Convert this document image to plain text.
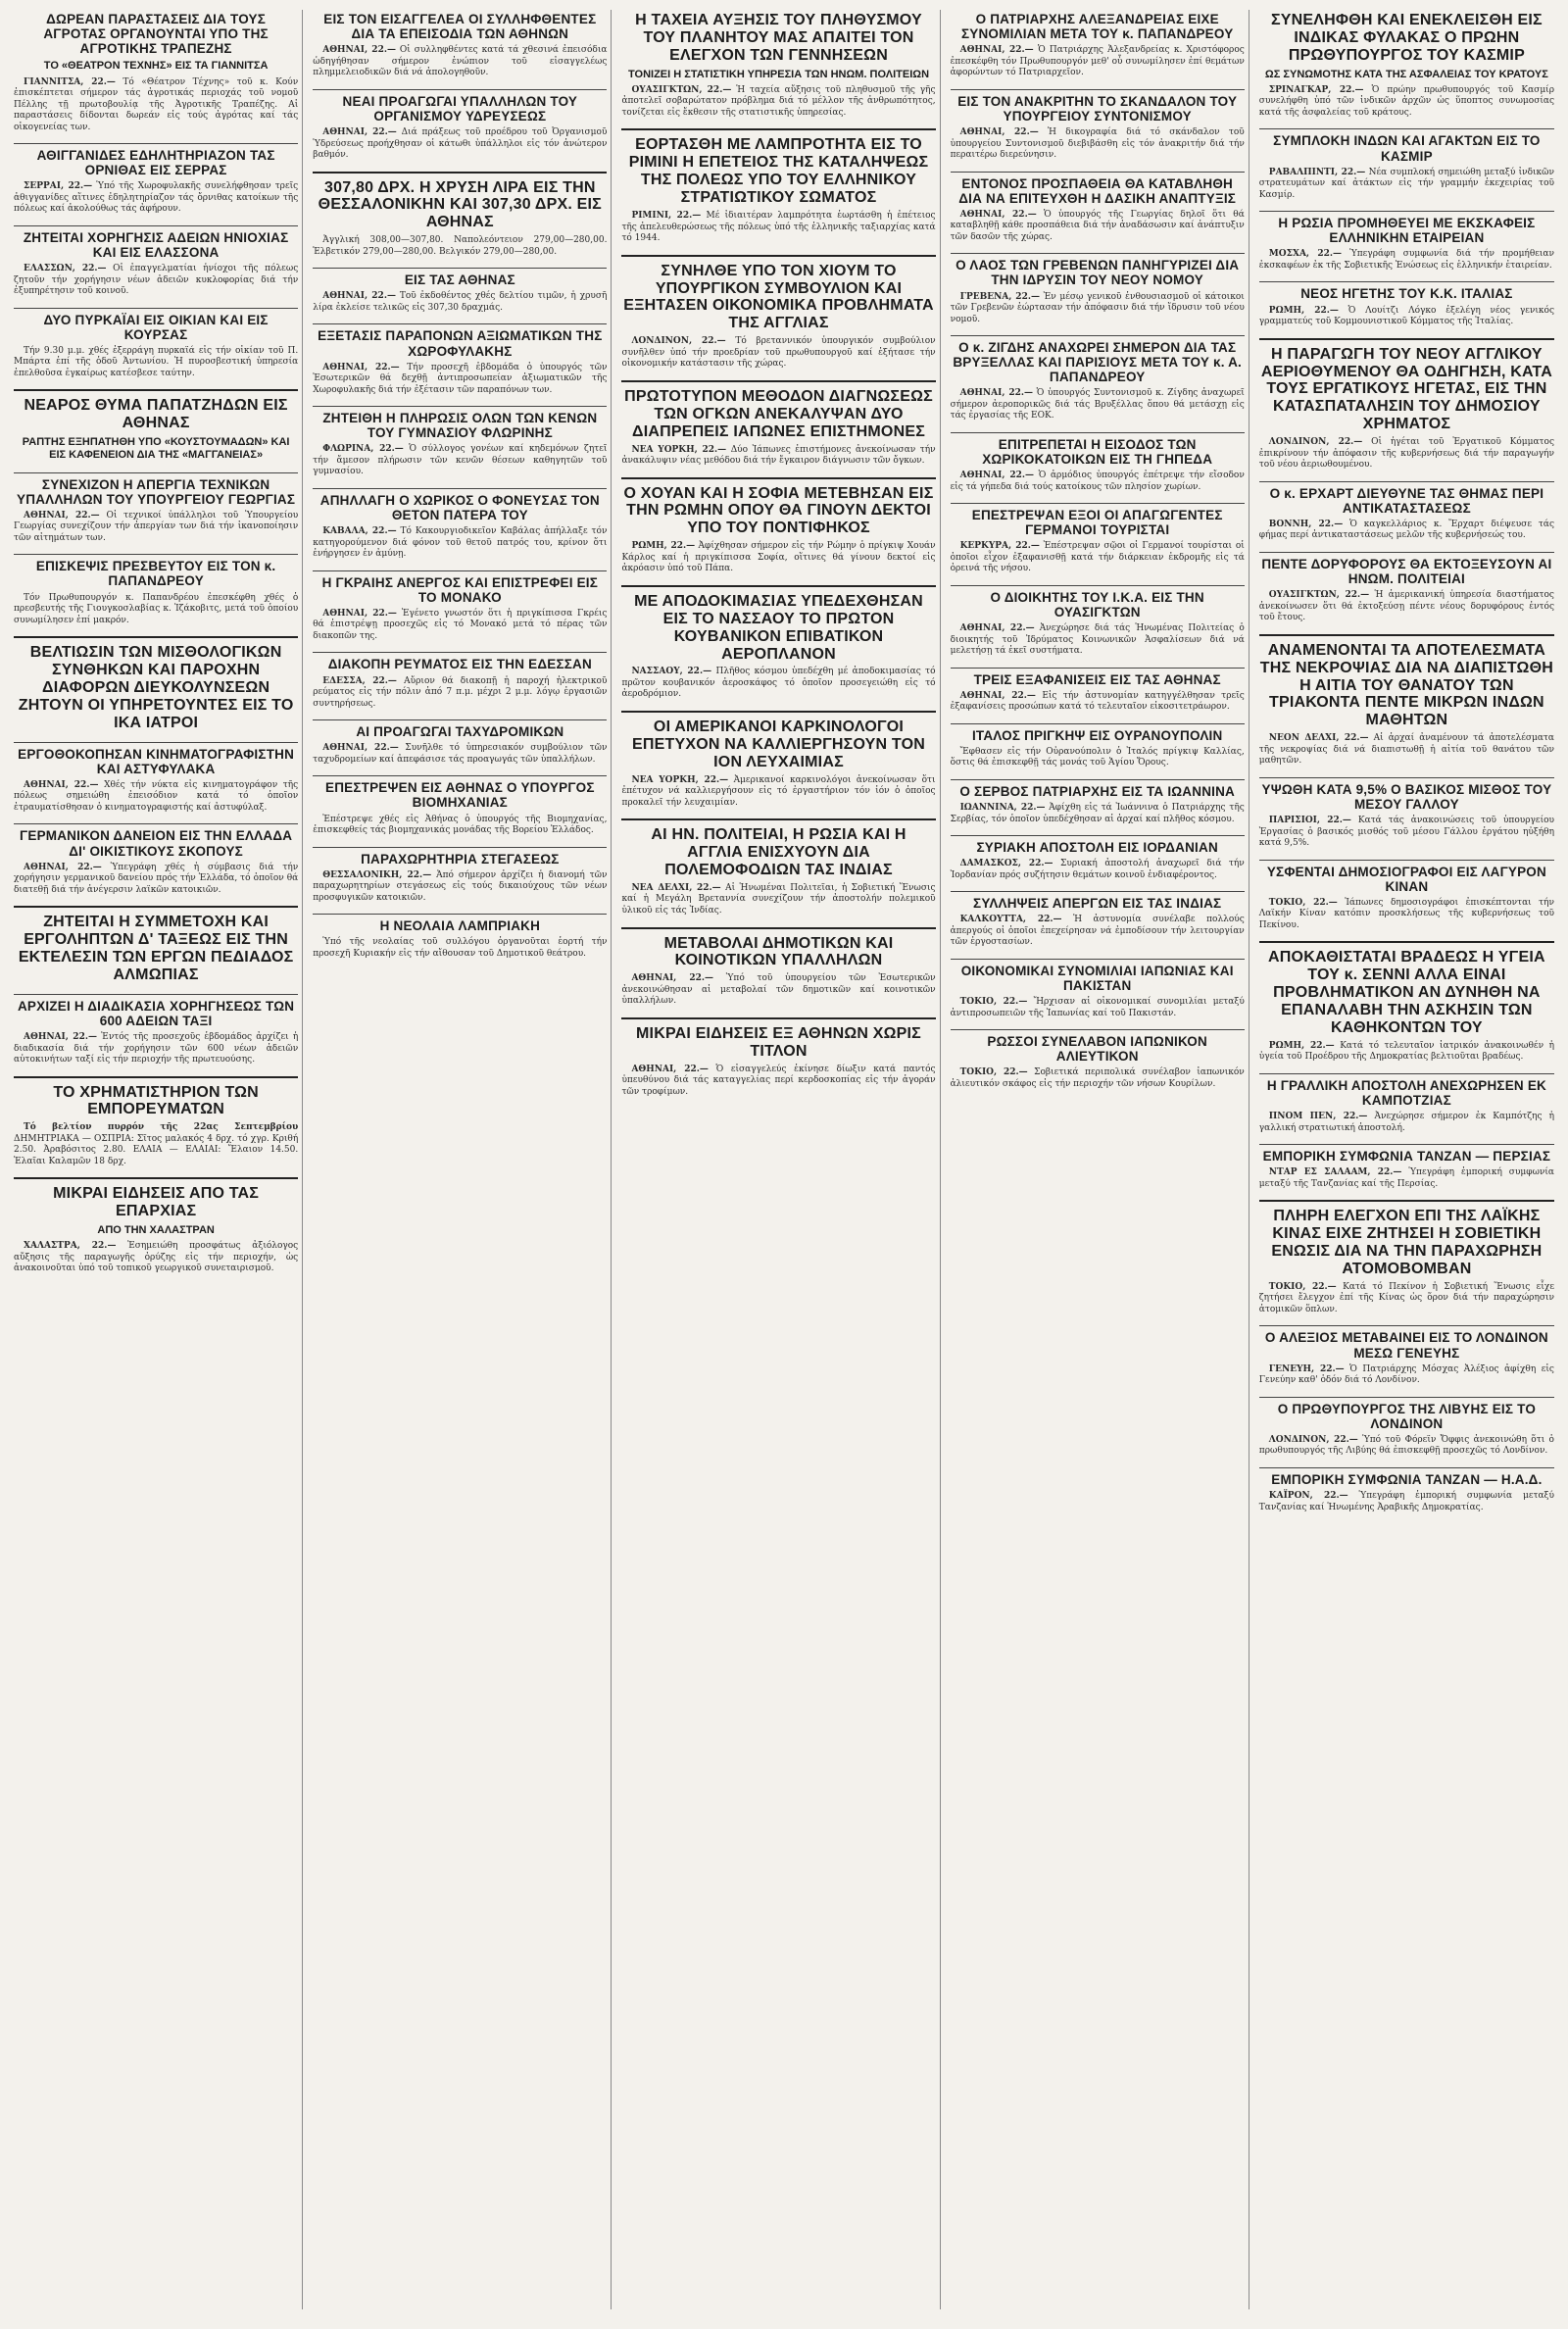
ΔΩΡΕΑΝ ΠΑΡΑΣΤΑΣΕΙΣ ΔΙΑ ΤΟΥΣ ΑΓΡΟΤΑΣ ΟΡΓΑΝΟΥΝΤΑΙ ΥΠΟ ΤΗΣ ΑΓΡΟΤΙΚΗΣ ΤΡΑΠΕΖΗΣ
ΤΟ «ΘΕΑΤΡΟΝ ΤΕΧΝΗΣ» ΕΙΣ ΤΑ ΓΙΑΝΝΙΤΣΑ

ΓΙΑΝΝΙΤΣΑ, 22.— Τό «Θέατρον Τέχνης» τοῦ κ. Κούν ἐπισκέπτεται σήμερον τάς ἀγροτικάς περιοχάς τοῦ νομοῦ Πέλλης τῇ πρωτοβουλίᾳ τῆς Ἀγροτικῆς Τραπέζης. Αἱ παραστάσεις δίδονται δωρεάν εἰς τούς ἀγρότας καί τάς οἰκογενείας των.

ΑΘΙΓΓΑΝΙΔΕΣ ΕΔΗΛΗΤΗΡΙΑΖΟΝ ΤΑΣ ΟΡΝΙΘΑΣ ΕΙΣ ΣΕΡΡΑΣ

ΣΕΡΡΑΙ, 22.— Ὑπό τῆς Χωροφυλακῆς συνελήφθησαν τρεῖς ἀθιγγανίδες αἵτινες ἐδηλητηρίαζον τάς ὄρνιθας κατοίκων τῆς πόλεως καί ἀκολούθως τάς ἀφήρουν.

ΖΗΤΕΙΤΑΙ ΧΟΡΗΓΗΣΙΣ ΑΔΕΙΩΝ ΗΝΙΟΧΙΑΣ ΚΑΙ ΕΙΣ ΕΛΑΣΣΟΝΑ

ΕΛΑΣΣΩΝ, 22.— Οἱ ἐπαγγελματίαι ἡνίοχοι τῆς πόλεως ζητοῦν τήν χορήγησιν νέων ἀδειῶν κυκλοφορίας διά τήν ἐξυπηρέτησιν τοῦ κοινοῦ.

ΔΥΟ ΠΥΡΚΑΪΑΙ ΕΙΣ ΟΙΚΙΑΝ ΚΑΙ ΕΙΣ ΚΟΥΡΣΑΣ

Τήν 9.30 μ.μ. χθές ἐξερράγη πυρκαϊά εἰς τήν οἰκίαν τοῦ Π. Μπάρτα ἐπί τῆς ὁδοῦ Ἀντωνίου. Ἡ πυροσβεστική ὑπηρεσία ἐπελθοῦσα ἐγκαίρως κατέσβεσε ταύτην.

ΝΕΑΡΟΣ ΘΥΜΑ ΠΑΠΑΤΖΗΔΩΝ ΕΙΣ ΑΘΗΝΑΣ
ΡΑΠΤΗΣ ΕΞΗΠΑΤΗΘΗ ΥΠΟ «ΚΟΥΣΤΟΥΜΑΔΩΝ» ΚΑΙ ΕΙΣ ΚΑΦΕΝΕΙΟΝ ΔΙΑ ΤΗΣ «ΜΑΓΓΑΝΕΙΑΣ»
ΣΥΝΕΧΙΖΟΝ Η ΑΠΕΡΓΙΑ ΤΕΧΝΙΚΩΝ ΥΠΑΛΛΗΛΩΝ ΤΟΥ ΥΠΟΥΡΓΕΙΟΥ ΓΕΩΡΓΙΑΣ

ΑΘΗΝΑΙ, 22.— Οἱ τεχνικοί ὑπάλληλοι τοῦ Ὑπουργείου Γεωργίας συνεχίζουν τήν ἀπεργίαν των διά τήν ἱκανοποίησιν τῶν αἰτημάτων των.

ΕΠΙΣΚΕΨΙΣ ΠΡΕΣΒΕΥΤΟΥ ΕΙΣ ΤΟΝ κ. ΠΑΠΑΝΔΡΕΟΥ

Τόν Πρωθυπουργόν κ. Παπανδρέου ἐπεσκέφθη χθές ὁ πρεσβευτής τῆς Γιουγκοσλαβίας κ. Ἰζάκοβιτς, μετά τοῦ ὁποίου συνωμίλησεν ἐπί μακρόν.

ΒΕΛΤΙΩΣΙΝ ΤΩΝ ΜΙΣΘΟΛΟΓΙΚΩΝ ΣΥΝΘΗΚΩΝ ΚΑΙ ΠΑΡΟΧΗΝ ΔΙΑΦΟΡΩΝ ΔΙΕΥΚΟΛΥΝΣΕΩΝ ΖΗΤΟΥΝ ΟΙ ΥΠΗΡΕΤΟΥΝΤΕΣ ΕΙΣ ΤΟ ΙΚΑ ΙΑΤΡΟΙ
ΕΡΓΟΘΟΚΟΠΗΣΑΝ ΚΙΝΗΜΑΤΟΓΡΑΦΙΣΤΗΝ ΚΑΙ ΑΣΤΥΦΥΛΑΚΑ

ΑΘΗΝΑΙ, 22.— Χθές τήν νύκτα εἰς κινηματογράφον τῆς πόλεως σημειώθη ἐπεισόδιον κατά τό ὁποῖον ἐτραυματίσθησαν ὁ κινηματογραφιστής καί ἀστυφύλαξ.

ΓΕΡΜΑΝΙΚΟΝ ΔΑΝΕΙΟΝ ΕΙΣ ΤΗΝ ΕΛΛΑΔΑ ΔΙ' ΟΙΚΙΣΤΙΚΟΥΣ ΣΚΟΠΟΥΣ

ΑΘΗΝΑΙ, 22.— Ὑπεγράφη χθές ἡ σύμβασις διά τήν χορήγησιν γερμανικοῦ δανείου πρός τήν Ἑλλάδα, τό ὁποῖον θά διατεθῇ διά τήν ἀνέγερσιν λαϊκῶν κατοικιῶν.

ΖΗΤΕΙΤΑΙ Η ΣΥΜΜΕΤΟΧΗ ΚΑΙ ΕΡΓΟΛΗΠΤΩΝ Δ' ΤΑΞΕΩΣ ΕΙΣ ΤΗΝ ΕΚΤΕΛΕΣΙΝ ΤΩΝ ΕΡΓΩΝ ΠΕΔΙΑΔΟΣ ΑΛΜΩΠΙΑΣ
ΑΡΧΙΖΕΙ Η ΔΙΑΔΙΚΑΣΙΑ ΧΟΡΗΓΗΣΕΩΣ ΤΩΝ 600 ΑΔΕΙΩΝ ΤΑΞΙ

ΑΘΗΝΑΙ, 22.— Ἐντός τῆς προσεχοῦς ἑβδομάδος ἀρχίζει ἡ διαδικασία διά τήν χορήγησιν τῶν 600 νέων ἀδειῶν αὐτοκινήτων ταξί εἰς τήν περιοχήν τῆς πρωτευούσης.

ΤΟ ΧΡΗΜΑΤΙΣΤΗΡΙΟΝ ΤΩΝ ΕΜΠΟΡΕΥΜΑΤΩΝ

Τό βελτίον πυρρόν τῆς 22ας Σεπτεμβρίου ΔΗΜΗΤΡΙΑΚΑ — ΟΣΠΡΙΑ: Σῖτος μαλακός 4 δρχ. τό χγρ. Κριθή 2.50. Ἀραβόσιτος 2.80. ΕΛΑΙΑ — ΕΛΑΙΑΙ: Ἔλαιον 14.50. Ἐλαῖαι Καλαμῶν 18 δρχ.

ΜΙΚΡΑΙ ΕΙΔΗΣΕΙΣ ΑΠΟ ΤΑΣ ΕΠΑΡΧΙΑΣ
ΑΠΟ ΤΗΝ ΧΑΛΑΣΤΡΑΝ

ΧΑΛΑΣΤΡΑ, 22.— Ἐσημειώθη προσφάτως ἀξιόλογος αὔξησις τῆς παραγωγῆς ὀρύζης εἰς τήν περιοχήν, ὡς ἀνακοινοῦται ὑπό τοῦ τοπικοῦ γεωργικοῦ συνεταιρισμοῦ.

ΕΙΣ ΤΟΝ ΕΙΣΑΓΓΕΛΕΑ ΟΙ ΣΥΛΛΗΦΘΕΝΤΕΣ ΔΙΑ ΤΑ ΕΠΕΙΣΟΔΙΑ ΤΩΝ ΑΘΗΝΩΝ

ΑΘΗΝΑΙ, 22.— Οἱ συλληφθέντες κατά τά χθεσινά ἐπεισόδια ὡδηγήθησαν σήμερον ἐνώπιον τοῦ εἰσαγγελέως πλημμελειοδικῶν διά νά ἀπολογηθοῦν.

ΝΕΑΙ ΠΡΟΑΓΩΓΑΙ ΥΠΑΛΛΗΛΩΝ ΤΟΥ ΟΡΓΑΝΙΣΜΟΥ ΥΔΡΕΥΣΕΩΣ

ΑΘΗΝΑΙ, 22.— Διά πράξεως τοῦ προέδρου τοῦ Ὀργανισμοῦ Ὑδρεύσεως προήχθησαν οἱ κάτωθι ὑπάλληλοι εἰς τόν ἀνώτερον βαθμόν.

307,80 ΔΡΧ. Η ΧΡΥΣΗ ΛΙΡΑ ΕΙΣ ΤΗΝ ΘΕΣΣΑΛΟΝΙΚΗΝ ΚΑΙ 307,30 ΔΡΧ. ΕΙΣ ΑΘΗΝΑΣ

Ἀγγλική 308,00—307,80. Ναπολεόντειον 279,00—280,00. Ἑλβετικόν 279,00—280,00. Βελγικόν 279,00—280,00.

ΕΙΣ ΤΑΣ ΑΘΗΝΑΣ

ΑΘΗΝΑΙ, 22.— Τοῦ ἐκδοθέντος χθές δελτίου τιμῶν, ἡ χρυσῆ λίρα ἐκλείσε τελικῶς εἰς 307,30 δραχμάς.

ΕΞΕΤΑΣΙΣ ΠΑΡΑΠΟΝΩΝ ΑΞΙΩΜΑΤΙΚΩΝ ΤΗΣ ΧΩΡΟΦΥΛΑΚΗΣ

ΑΘΗΝΑΙ, 22.— Τήν προσεχῆ ἑβδομάδα ὁ ὑπουργός τῶν Ἐσωτερικῶν θά δεχθῇ ἀντιπροσωπείαν ἀξιωματικῶν τῆς Χωροφυλακῆς διά τήν ἐξέτασιν τῶν παραπόνων των.

ΖΗΤΕΙΘΗ Η ΠΛΗΡΩΣΙΣ ΟΛΩΝ ΤΩΝ ΚΕΝΩΝ ΤΟΥ ΓΥΜΝΑΣΙΟΥ ΦΛΩΡΙΝΗΣ

ΦΛΩΡΙΝΑ, 22.— Ὁ σύλλογος γονέων καί κηδεμόνων ζητεῖ τήν ἄμεσον πλήρωσιν τῶν κενῶν θέσεων καθηγητῶν τοῦ γυμνασίου.

ΑΠΗΛΛΑΓΗ Ο ΧΩΡΙΚΟΣ Ο ΦΟΝΕΥΣΑΣ ΤΟΝ ΘΕΤΟΝ ΠΑΤΕΡΑ ΤΟΥ

ΚΑΒΑΛΑ, 22.— Τό Κακουργιοδικεῖον Καβάλας ἀπήλλαξε τόν κατηγορούμενον διά φόνον τοῦ θετοῦ πατρός του, κρίνον ὅτι ἐνήργησεν ἐν ἀμύνῃ.

Η ΓΚΡΑΙΗΣ ΑΝΕΡΓΟΣ ΚΑΙ ΕΠΙΣΤΡΕΦΕΙ ΕΙΣ ΤΟ ΜΟΝΑΚΟ

ΑΘΗΝΑΙ, 22.— Ἐγένετο γνωστόν ὅτι ἡ πριγκίπισσα Γκρέις θά ἐπιστρέψῃ προσεχῶς εἰς τό Μονακό μετά τό πέρας τῶν διακοπῶν της.

ΔΙΑΚΟΠΗ ΡΕΥΜΑΤΟΣ ΕΙΣ ΤΗΝ ΕΔΕΣΣΑΝ

ΕΔΕΣΣΑ, 22.— Αὔριον θά διακοπῇ ἡ παροχή ἠλεκτρικοῦ ρεύματος εἰς τήν πόλιν ἀπό 7 π.μ. μέχρι 2 μ.μ. λόγῳ ἐργασιῶν συντηρήσεως.

ΑΙ ΠΡΟΑΓΩΓΑΙ ΤΑΧΥΔΡΟΜΙΚΩΝ

ΑΘΗΝΑΙ, 22.— Συνῆλθε τό ὑπηρεσιακόν συμβούλιον τῶν ταχυδρομείων καί ἀπεφάσισε τάς προαγωγάς τῶν ὑπαλλήλων.

ΕΠΕΣΤΡΕΨΕΝ ΕΙΣ ΑΘΗΝΑΣ Ο ΥΠΟΥΡΓΟΣ ΒΙΟΜΗΧΑΝΙΑΣ

Ἐπέστρεψε χθές εἰς Ἀθήνας ὁ ὑπουργός τῆς Βιομηχανίας, ἐπισκεφθείς τάς βιομηχανικάς μονάδας τῆς Βορείου Ἑλλάδος.

ΠΑΡΑΧΩΡΗΤΗΡΙΑ ΣΤΕΓΑΣΕΩΣ

ΘΕΣΣΑΛΟΝΙΚΗ, 22.— Ἀπό σήμερον ἀρχίζει ἡ διανομή τῶν παραχωρητηρίων στεγάσεως εἰς τούς δικαιούχους τῶν νέων προσφυγικῶν κατοικιῶν.

Η ΝΕΟΛΑΙΑ ΛΑΜΠΡΙΑΚΗ

Ὑπό τῆς νεολαίας τοῦ συλλόγου ὀργανοῦται ἑορτή τήν προσεχῆ Κυριακήν εἰς τήν αἴθουσαν τοῦ Δημοτικοῦ θεάτρου.

Η ΤΑΧΕΙΑ ΑΥΞΗΣΙΣ ΤΟΥ ΠΛΗΘΥΣΜΟΥ ΤΟΥ ΠΛΑΝΗΤΟΥ ΜΑΣ ΑΠΑΙΤΕΙ ΤΟΝ ΕΛΕΓΧΟΝ ΤΩΝ ΓΕΝΝΗΣΕΩΝ
ΤΟΝΙΖΕΙ Η ΣΤΑΤΙΣΤΙΚΗ ΥΠΗΡΕΣΙΑ ΤΩΝ ΗΝΩΜ. ΠΟΛΙΤΕΙΩΝ

ΟΥΑΣΙΓΚΤΩΝ, 22.— Ἡ ταχεία αὔξησις τοῦ πληθυσμοῦ τῆς γῆς ἀποτελεῖ σοβαρώτατον πρόβλημα διά τό μέλλον τῆς ἀνθρωπότητος, τονίζεται εἰς ἔκθεσιν τῆς στατιστικῆς ὑπηρεσίας.

ΕΟΡΤΑΣΘΗ ΜΕ ΛΑΜΠΡΟΤΗΤΑ ΕΙΣ ΤΟ ΡΙΜΙΝΙ Η ΕΠΕΤΕΙΟΣ ΤΗΣ ΚΑΤΑΛΗΨΕΩΣ ΤΗΣ ΠΟΛΕΩΣ ΥΠΟ ΤΟΥ ΕΛΛΗΝΙΚΟΥ ΣΤΡΑΤΙΩΤΙΚΟΥ ΣΩΜΑΤΟΣ

ΡΙΜΙΝΙ, 22.— Μέ ἰδιαιτέραν λαμπρότητα ἑωρτάσθη ἡ ἐπέτειος τῆς ἀπελευθερώσεως τῆς πόλεως ὑπό τῆς ἑλληνικῆς ταξιαρχίας κατά τό 1944.

ΣΥΝΗΛΘΕ ΥΠΟ ΤΟΝ ΧΙΟΥΜ ΤΟ ΥΠΟΥΡΓΙΚΟΝ ΣΥΜΒΟΥΛΙΟΝ ΚΑΙ ΕΞΗΤΑΣΕΝ ΟΙΚΟΝΟΜΙΚΑ ΠΡΟΒΛΗΜΑΤΑ ΤΗΣ ΑΓΓΛΙΑΣ

ΛΟΝΔΙΝΟΝ, 22.— Τό βρεταννικόν ὑπουργικόν συμβούλιον συνῆλθεν ὑπό τήν προεδρίαν τοῦ πρωθυπουργοῦ καί ἐξήτασε τήν οἰκονομικήν κατάστασιν τῆς χώρας.

ΠΡΩΤΟΤΥΠΟΝ ΜΕΘΟΔΟΝ ΔΙΑΓΝΩΣΕΩΣ ΤΩΝ ΟΓΚΩΝ ΑΝΕΚΑΛΥΨΑΝ ΔΥΟ ΔΙΑΠΡΕΠΕΙΣ ΙΑΠΩΝΕΣ ΕΠΙΣΤΗΜΟΝΕΣ

ΝΕΑ ΥΟΡΚΗ, 22.— Δύο Ἰάπωνες ἐπιστήμονες ἀνεκοίνωσαν τήν ἀνακάλυψιν νέας μεθόδου διά τήν ἔγκαιρον διάγνωσιν τῶν ὄγκων.

Ο ΧΟΥΑΝ ΚΑΙ Η ΣΟΦΙΑ ΜΕΤΕΒΗΣΑΝ ΕΙΣ ΤΗΝ ΡΩΜΗΝ ΟΠΟΥ ΘΑ ΓΙΝΟΥΝ ΔΕΚΤΟΙ ΥΠΟ ΤΟΥ ΠΟΝΤΙΦΗΚΟΣ

ΡΩΜΗ, 22.— Ἀφίχθησαν σήμερον εἰς τήν Ρώμην ὁ πρίγκιψ Χουάν Κάρλος καί ἡ πριγκίπισσα Σοφία, οἵτινες θά γίνουν δεκτοί εἰς ἀκρόασιν ὑπό τοῦ Πάπα.

ΜΕ ΑΠΟΔΟΚΙΜΑΣΙΑΣ ΥΠΕΔΕΧΘΗΣΑΝ ΕΙΣ ΤΟ ΝΑΣΣΑΟΥ ΤΟ ΠΡΩΤΟΝ ΚΟΥΒΑΝΙΚΟΝ ΕΠΙΒΑΤΙΚΟΝ ΑΕΡΟΠΛΑΝΟΝ

ΝΑΣΣΑΟΥ, 22.— Πλῆθος κόσμου ὑπεδέχθη μέ ἀποδοκιμασίας τό πρῶτον κουβανικόν ἀεροσκάφος τό ὁποῖον προσεγειώθη εἰς τό ἀεροδρόμιον.

ΟΙ ΑΜΕΡΙΚΑΝΟΙ ΚΑΡΚΙΝΟΛΟΓΟΙ ΕΠΕΤΥΧΟΝ ΝΑ ΚΑΛΛΙΕΡΓΗΣΟΥΝ ΤΟΝ ΙΟΝ ΛΕΥΧΑΙΜΙΑΣ

ΝΕΑ ΥΟΡΚΗ, 22.— Ἀμερικανοί καρκινολόγοι ἀνεκοίνωσαν ὅτι ἐπέτυχον νά καλλιεργήσουν εἰς τό ἐργαστήριον τόν ἰόν ὁ ὁποῖος προκαλεῖ τήν λευχαιμίαν.

ΑΙ ΗΝ. ΠΟΛΙΤΕΙΑΙ, Η ΡΩΣΙΑ ΚΑΙ Η ΑΓΓΛΙΑ ΕΝΙΣΧΥΟΥΝ ΔΙΑ ΠΟΛΕΜΟΦΟΔΙΩΝ ΤΑΣ ΙΝΔΙΑΣ

ΝΕΑ ΔΕΛΧΙ, 22.— Αἱ Ἡνωμέναι Πολιτεῖαι, ἡ Σοβιετική Ἕνωσις καί ἡ Μεγάλη Βρεταννία συνεχίζουν τήν ἀποστολήν πολεμικοῦ ὑλικοῦ εἰς τάς Ἰνδίας.

ΜΕΤΑΒΟΛΑΙ ΔΗΜΟΤΙΚΩΝ ΚΑΙ ΚΟΙΝΟΤΙΚΩΝ ΥΠΑΛΛΗΛΩΝ

ΑΘΗΝΑΙ, 22.— Ὑπό τοῦ ὑπουργείου τῶν Ἐσωτερικῶν ἀνεκοινώθησαν αἱ μεταβολαί τῶν δημοτικῶν καί κοινοτικῶν ὑπαλλήλων.

ΜΙΚΡΑΙ ΕΙΔΗΣΕΙΣ ΕΞ ΑΘΗΝΩΝ ΧΩΡΙΣ ΤΙΤΛΟΝ

ΑΘΗΝΑΙ, 22.— Ὁ εἰσαγγελεύς ἐκίνησε δίωξιν κατά παντός ὑπευθύνου διά τάς καταγγελίας περί κερδοσκοπίας εἰς τήν ἀγοράν τῶν τροφίμων.

Ο ΠΑΤΡΙΑΡΧΗΣ ΑΛΕΞΑΝΔΡΕΙΑΣ ΕΙΧΕ ΣΥΝΟΜΙΛΙΑΝ ΜΕΤΑ ΤΟΥ κ. ΠΑΠΑΝΔΡΕΟΥ

ΑΘΗΝΑΙ, 22.— Ὁ Πατριάρχης Ἀλεξανδρείας κ. Χριστόφορος ἐπεσκέφθη τόν Πρωθυπουργόν μεθ' οὗ συνωμίλησεν ἐπί θεμάτων ἀφορώντων τό Πατριαρχεῖον.

ΕΙΣ ΤΟΝ ΑΝΑΚΡΙΤΗΝ ΤΟ ΣΚΑΝΔΑΛΟΝ ΤΟΥ ΥΠΟΥΡΓΕΙΟΥ ΣΥΝΤΟΝΙΣΜΟΥ

ΑΘΗΝΑΙ, 22.— Ἡ δικογραφία διά τό σκάνδαλον τοῦ ὑπουργείου Συντονισμοῦ διεβιβάσθη εἰς τόν ἀνακριτήν διά τήν περαιτέρω διερεύνησιν.

ΕΝΤΟΝΟΣ ΠΡΟΣΠΑΘΕΙΑ ΘΑ ΚΑΤΑΒΛΗΘΗ ΔΙΑ ΝΑ ΕΠΙΤΕΥΧΘΗ Η ΔΑΣΙΚΗ ΑΝΑΠΤΥΞΙΣ

ΑΘΗΝΑΙ, 22.— Ὁ ὑπουργός τῆς Γεωργίας δηλοῖ ὅτι θά καταβληθῇ κάθε προσπάθεια διά τήν ἀναδάσωσιν καί ἀνάπτυξιν τῶν δασῶν τῆς χώρας.

Ο ΛΑΟΣ ΤΩΝ ΓΡΕΒΕΝΩΝ ΠΑΝΗΓΥΡΙΖΕΙ ΔΙΑ ΤΗΝ ΙΔΡΥΣΙΝ ΤΟΥ ΝΕΟΥ ΝΟΜΟΥ

ΓΡΕΒΕΝΑ, 22.— Ἐν μέσῳ γενικοῦ ἐνθουσιασμοῦ οἱ κάτοικοι τῶν Γρεβενῶν ἑώρτασαν τήν ἀπόφασιν διά τήν ἵδρυσιν τοῦ νέου νομοῦ.

Ο κ. ΖΙΓΔΗΣ ΑΝΑΧΩΡΕΙ ΣΗΜΕΡΟΝ ΔΙΑ ΤΑΣ ΒΡΥΞΕΛΛΑΣ ΚΑΙ ΠΑΡΙΣΙΟΥΣ ΜΕΤΑ ΤΟΥ κ. Α. ΠΑΠΑΝΔΡΕΟΥ

ΑΘΗΝΑΙ, 22.— Ὁ ὑπουργός Συντονισμοῦ κ. Ζίγδης ἀναχωρεῖ σήμερον ἀεροπορικῶς διά τάς Βρυξέλλας ὅπου θά μετάσχῃ εἰς τάς ἐργασίας τῆς ΕΟΚ.

ΕΠΙΤΡΕΠΕΤΑΙ Η ΕΙΣΟΔΟΣ ΤΩΝ ΧΩΡΙΚΟΚΑΤΟΙΚΩΝ ΕΙΣ ΤΗ ΓΗΠΕΔΑ

ΑΘΗΝΑΙ, 22.— Ὁ ἀρμόδιος ὑπουργός ἐπέτρεψε τήν εἴσοδον εἰς τά γήπεδα διά τούς κατοίκους τῶν πλησίον χωρίων.

ΕΠΕΣΤΡΕΨΑΝ ΕΞΟΙ ΟΙ ΑΠΑΓΩΓΕΝΤΕΣ ΓΕΡΜΑΝΟΙ ΤΟΥΡΙΣΤΑΙ

ΚΕΡΚΥΡΑ, 22.— Ἐπέστρεψαν σῷοι οἱ Γερμανοί τουρίσται οἱ ὁποῖοι εἶχον ἐξαφανισθῇ κατά τήν διάρκειαν ἐκδρομῆς εἰς τά ὀρεινά τῆς νήσου.

Ο ΔΙΟΙΚΗΤΗΣ ΤΟΥ Ι.Κ.Α. ΕΙΣ ΤΗΝ ΟΥΑΣΙΓΚΤΩΝ

ΑΘΗΝΑΙ, 22.— Ἀνεχώρησε διά τάς Ἡνωμένας Πολιτείας ὁ διοικητής τοῦ Ἱδρύματος Κοινωνικῶν Ἀσφαλίσεων διά νά μελετήσῃ τά ἐκεῖ συστήματα.

ΤΡΕΙΣ ΕΞΑΦΑΝΙΣΕΙΣ ΕΙΣ ΤΑΣ ΑΘΗΝΑΣ

ΑΘΗΝΑΙ, 22.— Εἰς τήν ἀστυνομίαν κατηγγέλθησαν τρεῖς ἐξαφανίσεις προσώπων κατά τό τελευταῖον εἰκοσιτετράωρον.

ΙΤΑΛΟΣ ΠΡΙΓΚΗΨ ΕΙΣ ΟΥΡΑΝΟΥΠΟΛΙΝ

Ἔφθασεν εἰς τήν Οὐρανούπολιν ὁ Ἰταλός πρίγκιψ Καλλίας, ὅστις θά ἐπισκεφθῇ τάς μονάς τοῦ Ἁγίου Ὄρους.

Ο ΣΕΡΒΟΣ ΠΑΤΡΙΑΡΧΗΣ ΕΙΣ ΤΑ ΙΩΑΝΝΙΝΑ

ΙΩΑΝΝΙΝΑ, 22.— Ἀφίχθη εἰς τά Ἰωάννινα ὁ Πατριάρχης τῆς Σερβίας, τόν ὁποῖον ὑπεδέχθησαν αἱ ἀρχαί καί πλῆθος κόσμου.

ΣΥΡΙΑΚΗ ΑΠΟΣΤΟΛΗ ΕΙΣ ΙΟΡΔΑΝΙΑΝ

ΔΑΜΑΣΚΟΣ, 22.— Συριακή ἀποστολή ἀναχωρεῖ διά τήν Ἰορδανίαν πρός συζήτησιν θεμάτων κοινοῦ ἐνδιαφέροντος.

ΣΥΛΛΗΨΕΙΣ ΑΠΕΡΓΩΝ ΕΙΣ ΤΑΣ ΙΝΔΙΑΣ

ΚΑΛΚΟΥΤΤΑ, 22.— Ἡ ἀστυνομία συνέλαβε πολλούς ἀπεργούς οἱ ὁποῖοι ἐπεχείρησαν νά ἐμποδίσουν τήν λειτουργίαν τῶν ἐργοστασίων.

ΟΙΚΟΝΟΜΙΚΑΙ ΣΥΝΟΜΙΛΙΑΙ ΙΑΠΩΝΙΑΣ ΚΑΙ ΠΑΚΙΣΤΑΝ

ΤΟΚΙΟ, 22.— Ἤρχισαν αἱ οἰκονομικαί συνομιλίαι μεταξύ ἀντιπροσωπειῶν τῆς Ἰαπωνίας καί τοῦ Πακιστάν.

ΡΩΣΣΟΙ ΣΥΝΕΛΑΒΟΝ ΙΑΠΩΝΙΚΟΝ ΑΛΙΕΥΤΙΚΟΝ

ΤΟΚΙΟ, 22.— Σοβιετικά περιπολικά συνέλαβον ἰαπωνικόν ἁλιευτικόν σκάφος εἰς τήν περιοχήν τῶν νήσων Κουρίλων.

ΣΥΝΕΛΗΦΘΗ ΚΑΙ ΕΝΕΚΛΕΙΣΘΗ ΕΙΣ ΙΝΔΙΚΑΣ ΦΥΛΑΚΑΣ Ο ΠΡΩΗΝ ΠΡΩΘΥΠΟΥΡΓΟΣ ΤΟΥ ΚΑΣΜΙΡ
ΩΣ ΣΥΝΩΜΟΤΗΣ ΚΑΤΑ ΤΗΣ ΑΣΦΑΛΕΙΑΣ ΤΟΥ ΚΡΑΤΟΥΣ

ΣΡΙΝΑΓΚΑΡ, 22.— Ὁ πρώην πρωθυπουργός τοῦ Κασμίρ συνελήφθη ὑπό τῶν ἰνδικῶν ἀρχῶν ὡς ὕποπτος συνωμοσίας κατά τῆς ἀσφαλείας τοῦ κράτους.

ΣΥΜΠΛΟΚΗ ΙΝΔΩΝ ΚΑΙ ΑΓΑΚΤΩΝ ΕΙΣ ΤΟ ΚΑΣΜΙΡ

ΡΑΒΑΛΠΙΝΤΙ, 22.— Νέα συμπλοκή σημειώθη μεταξύ ἰνδικῶν στρατευμάτων καί ἀτάκτων εἰς τήν γραμμήν ἐκεχειρίας τοῦ Κασμίρ.

Η ΡΩΣΙΑ ΠΡΟΜΗΘΕΥΕΙ ΜΕ ΕΚΣΚΑΦΕΙΣ ΕΛΛΗΝΙΚΗΝ ΕΤΑΙΡΕΙΑΝ

ΜΟΣΧΑ, 22.— Ὑπεγράφη συμφωνία διά τήν προμήθειαν ἐκσκαφέων ἐκ τῆς Σοβιετικῆς Ἑνώσεως εἰς ἑλληνικήν ἐταιρείαν.

ΝΕΟΣ ΗΓΕΤΗΣ ΤΟΥ Κ.Κ. ΙΤΑΛΙΑΣ

ΡΩΜΗ, 22.— Ὁ Λουίτζι Λόγκο ἐξελέγη νέος γενικός γραμματεύς τοῦ Κομμουνιστικοῦ Κόμματος τῆς Ἰταλίας.

Η ΠΑΡΑΓΩΓΗ ΤΟΥ ΝΕΟΥ ΑΓΓΛΙΚΟΥ ΑΕΡΙΟΘΥΜΕΝΟΥ ΘΑ ΟΔΗΓΗΣΗ, ΚΑΤΑ ΤΟΥΣ ΕΡΓΑΤΙΚΟΥΣ ΗΓΕΤΑΣ, ΕΙΣ ΤΗΝ ΚΑΤΑΣΠΑΤΑΛΗΣΙΝ ΤΟΥ ΔΗΜΟΣΙΟΥ ΧΡΗΜΑΤΟΣ

ΛΟΝΔΙΝΟΝ, 22.— Οἱ ἡγέται τοῦ Ἐργατικοῦ Κόμματος ἐπικρίνουν τήν ἀπόφασιν τῆς κυβερνήσεως διά τήν παραγωγήν τοῦ νέου ἀεριωθουμένου.

Ο κ. ΕΡΧΑΡΤ ΔΙΕΥΘΥΝΕ ΤΑΣ ΘΗΜΑΣ ΠΕΡΙ ΑΝΤΙΚΑΤΑΣΤΑΣΕΩΣ

ΒΟΝΝΗ, 22.— Ὁ καγκελλάριος κ. Ἔρχαρτ διέψευσε τάς φήμας περί ἀντικαταστάσεως μελῶν τῆς κυβερνήσεώς του.

ΠΕΝΤΕ ΔΟΡΥΦΟΡΟΥΣ ΘΑ ΕΚΤΟΞΕΥΣΟΥΝ ΑΙ ΗΝΩΜ. ΠΟΛΙΤΕΙΑΙ

ΟΥΑΣΙΓΚΤΩΝ, 22.— Ἡ ἀμερικανική ὑπηρεσία διαστήματος ἀνεκοίνωσεν ὅτι θά ἐκτοξεύσῃ πέντε νέους δορυφόρους ἐντός τοῦ ἔτους.

ΑΝΑΜΕΝΟΝΤΑΙ ΤΑ ΑΠΟΤΕΛΕΣΜΑΤΑ ΤΗΣ ΝΕΚΡΟΨΙΑΣ ΔΙΑ ΝΑ ΔΙΑΠΙΣΤΩΘΗ Η ΑΙΤΙΑ ΤΟΥ ΘΑΝΑΤΟΥ ΤΩΝ ΤΡΙΑΚΟΝΤΑ ΠΕΝΤΕ ΜΙΚΡΩΝ ΙΝΔΩΝ ΜΑΘΗΤΩΝ

ΝΕΟΝ ΔΕΛΧΙ, 22.— Αἱ ἀρχαί ἀναμένουν τά ἀποτελέσματα τῆς νεκροψίας διά νά διαπιστωθῇ ἡ αἰτία τοῦ θανάτου τῶν μαθητῶν.

ΥΨΩΘΗ ΚΑΤΑ 9,5% Ο ΒΑΣΙΚΟΣ ΜΙΣΘΟΣ ΤΟΥ ΜΕΣΟΥ ΓΑΛΛΟΥ

ΠΑΡΙΣΙΟΙ, 22.— Κατά τάς ἀνακοινώσεις τοῦ ὑπουργείου Ἐργασίας ὁ βασικός μισθός τοῦ μέσου Γάλλου ἐργάτου ηὐξήθη κατά 9,5%.

ΥΣΦΕΝΤΑΙ ΔΗΜΟΣΙΟΓΡΑΦΟΙ ΕΙΣ ΛΑΓΥΡΟΝ ΚΙΝΑΝ

ΤΟΚΙΟ, 22.— Ἰάπωνες δημοσιογράφοι ἐπισκέπτονται τήν Λαϊκήν Κίναν κατόπιν προσκλήσεως τῆς κυβερνήσεως τοῦ Πεκίνου.

ΑΠΟΚΑΘΙΣΤΑΤΑΙ ΒΡΑΔΕΩΣ Η ΥΓΕΙΑ ΤΟΥ κ. ΣΕΝΝΙ ΑΛΛΑ ΕΙΝΑΙ ΠΡΟΒΛΗΜΑΤΙΚΟΝ ΑΝ ΔΥΝΗΘΗ ΝΑ ΕΠΑΝΑΛΑΒΗ ΤΗΝ ΑΣΚΗΣΙΝ ΤΩΝ ΚΑΘΗΚΟΝΤΩΝ ΤΟΥ

ΡΩΜΗ, 22.— Κατά τό τελευταῖον ἰατρικόν ἀνακοινωθέν ἡ ὑγεία τοῦ Προέδρου τῆς Δημοκρατίας βελτιοῦται βραδέως.

Η ΓΡΑΛΛΙΚΗ ΑΠΟΣΤΟΛΗ ΑΝΕΧΩΡΗΣΕΝ ΕΚ ΚΑΜΠΟΤΖΙΑΣ

ΠΝΟΜ ΠΕΝ, 22.— Ἀνεχώρησε σήμερον ἐκ Καμπότζης ἡ γαλλική στρατιωτική ἀποστολή.

ΕΜΠΟΡΙΚΗ ΣΥΜΦΩΝΙΑ ΤΑΝΖΑΝ — ΠΕΡΣΙΑΣ

ΝΤΑΡ ΕΣ ΣΑΛΑΑΜ, 22.— Ὑπεγράφη ἐμπορική συμφωνία μεταξύ τῆς Τανζανίας καί τῆς Περσίας.

ΠΛΗΡΗ ΕΛΕΓΧΟΝ ΕΠΙ ΤΗΣ ΛΑΪΚΗΣ ΚΙΝΑΣ ΕΙΧΕ ΖΗΤΗΣΕΙ Η ΣΟΒΙΕΤΙΚΗ ΕΝΩΣΙΣ ΔΙΑ ΝΑ ΤΗΝ ΠΑΡΑΧΩΡΗΣΗ ΑΤΟΜΟΒΟΜΒΑΝ

ΤΟΚΙΟ, 22.— Κατά τό Πεκίνον ἡ Σοβιετική Ἕνωσις εἶχε ζητήσει ἔλεγχον ἐπί τῆς Κίνας ὡς ὅρον διά τήν παραχώρησιν ἀτομικῶν ὅπλων.

Ο ΑΛΕΞΙΟΣ ΜΕΤΑΒΑΙΝΕΙ ΕΙΣ ΤΟ ΛΟΝΔΙΝΟΝ ΜΕΣΩ ΓΕΝΕΥΗΣ

ΓΕΝΕΥΗ, 22.— Ὁ Πατριάρχης Μόσχας Ἀλέξιος ἀφίχθη εἰς Γενεύην καθ' ὁδόν διά τό Λονδίνον.

Ο ΠΡΩΘΥΠΟΥΡΓΟΣ ΤΗΣ ΛΙΒΥΗΣ ΕΙΣ ΤΟ ΛΟΝΔΙΝΟΝ

ΛΟΝΔΙΝΟΝ, 22.— Ὑπό τοῦ Φόρεϊν Ὄφφις ἀνεκοινώθη ὅτι ὁ πρωθυπουργός τῆς Λιβύης θά ἐπισκεφθῇ προσεχῶς τό Λονδίνον.

ΕΜΠΟΡΙΚΗ ΣΥΜΦΩΝΙΑ ΤΑΝΖΑΝ — Η.Α.Δ.

ΚΑΪΡΟΝ, 22.— Ὑπεγράφη ἐμπορική συμφωνία μεταξύ Τανζανίας καί Ἡνωμένης Ἀραβικῆς Δημοκρατίας.
